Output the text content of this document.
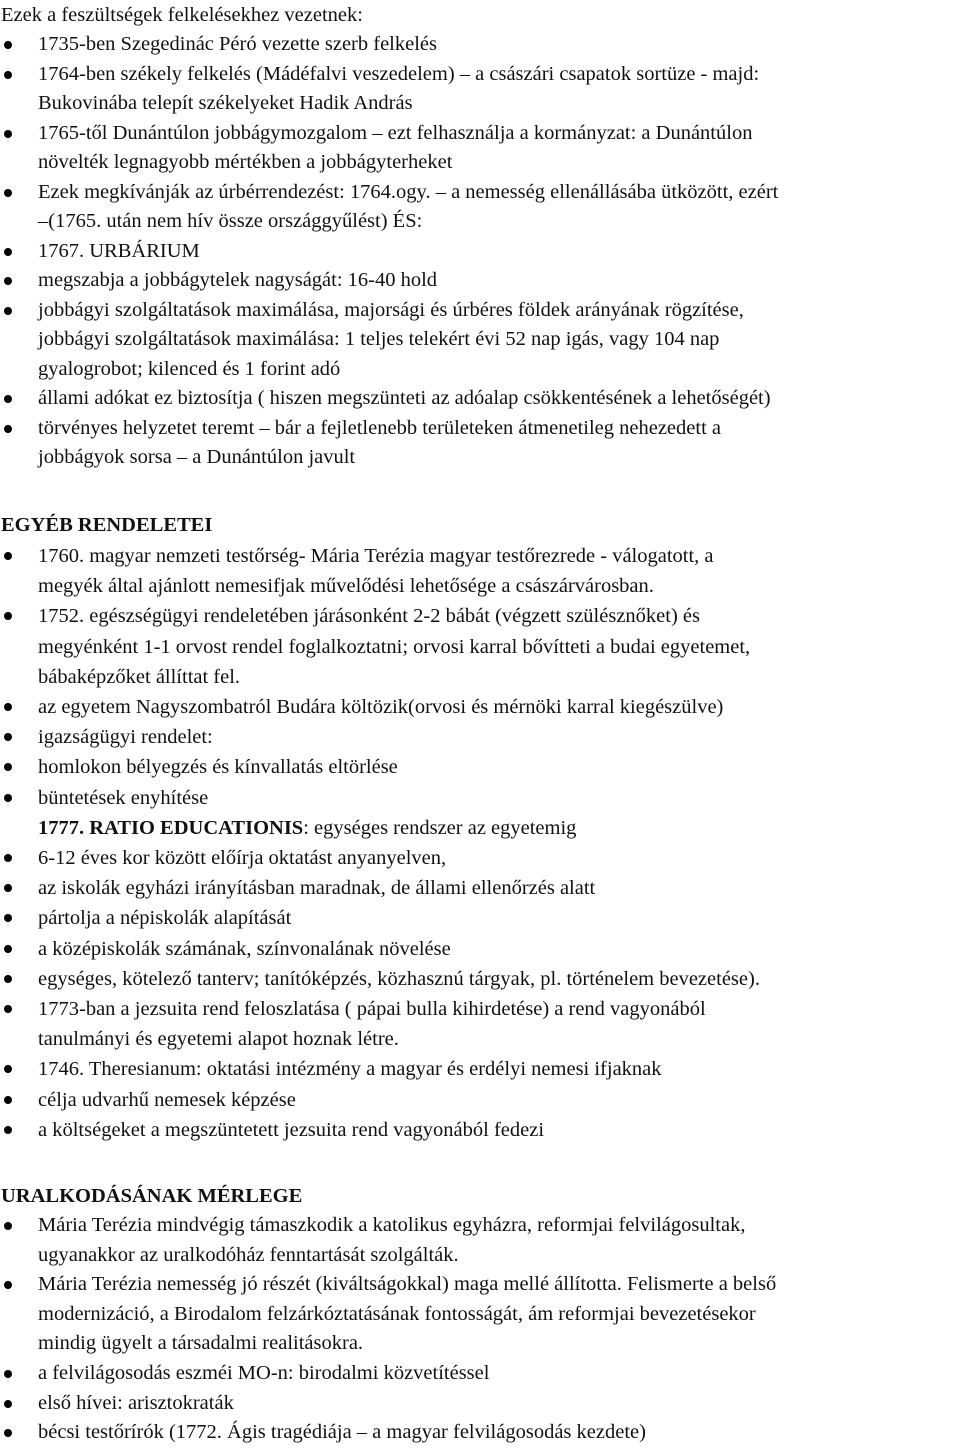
Ezek a feszültségek felkelésekhez vezetnek:

1735-ben Szegedinác Péró vezette szerb felkelés
1764-ben székely felkelés (Mádéfalvi veszedelem) – a császári csapatok sortüze - majd:
Bukovinába telepít székelyeket Hadik András
1765-től Dunántúlon jobbágymozgalom – ezt felhasználja a kormányzat: a Dunántúlon
növelték legnagyobb mértékben a jobbágyterheket
Ezek megkívánják az úrbérrendezést: 1764.ogy. – a nemesség ellenállásába ütközött, ezért
–(1765. után nem hív össze országgyűlést) ÉS:
1767. URBÁRIUM
megszabja a jobbágytelek nagyságát: 16-40 hold
jobbágyi szolgáltatások maximálása, majorsági és úrbéres földek arányának rögzítése,
jobbágyi szolgáltatások maximálása: 1 teljes telekért évi 52 nap igás, vagy 104 nap
gyalogrobot; kilenced és 1 forint adó
állami adókat ez biztosítja ( hiszen megszünteti az adóalap csökkentésének a lehetőségét)
törvényes helyzetet teremt – bár a fejletlenebb területeken átmenetileg nehezedett a
jobbágyok sorsa – a Dunántúlon javult
EGYÉB RENDELETEI
1760. magyar nemzeti testőrség- Mária Terézia magyar testőrezrede - válogatott, a
megyék által ajánlott nemesifjak művelődési lehetősége a császárvárosban.
1752. egészségügyi rendeletében járásonként 2-2 bábát (végzett szülésznőket) és
megyénként 1-1 orvost rendel foglalkoztatni; orvosi karral bővítteti a budai egyetemet,
bábaképzőket állíttat fel.
az egyetem Nagyszombatról Budára költözik(orvosi és mérnöki karral kiegészülve)
igazságügyi rendelet:
homlokon bélyegzés és kínvallatás eltörlése
büntetések enyhítése
1777. RATIO EDUCATIONIS: egységes rendszer az egyetemig
6-12 éves kor között előírja oktatást anyanyelven,
az iskolák egyházi irányításban maradnak, de állami ellenőrzés alatt
pártolja a népiskolák alapítását
a középiskolák számának, színvonalának növelése
egységes, kötelező tanterv; tanítóképzés, közhasznú tárgyak, pl. történelem bevezetése).
1773-ban a jezsuita rend feloszlatása ( pápai bulla kihirdetése) a rend vagyonából
tanulmányi és egyetemi alapot hoznak létre.
1746. Theresianum: oktatási intézmény a magyar és erdélyi nemesi ifjaknak
célja udvarhű nemesek képzése
a költségeket a megszüntetett jezsuita rend vagyonából fedezi
URALKODÁSÁNAK MÉRLEGE
Mária Terézia mindvégig támaszkodik a katolikus egyházra, reformjai felvilágosultak,
ugyanakkor az uralkodóház fenntartását szolgálták.
Mária Terézia nemesség jó részét (kiváltságokkal) maga mellé állította. Felismerte a belső
modernizáció, a Birodalom felzárkóztatásának fontosságát, ám reformjai bevezetésekor
mindig ügyelt a társadalmi realitásokra.
a felvilágosodás eszméi MO-n: birodalmi közvetítéssel
első hívei: arisztokraták
bécsi testőrírók (1772. Ágis tragédiája – a magyar felvilágosodás kezdete)
